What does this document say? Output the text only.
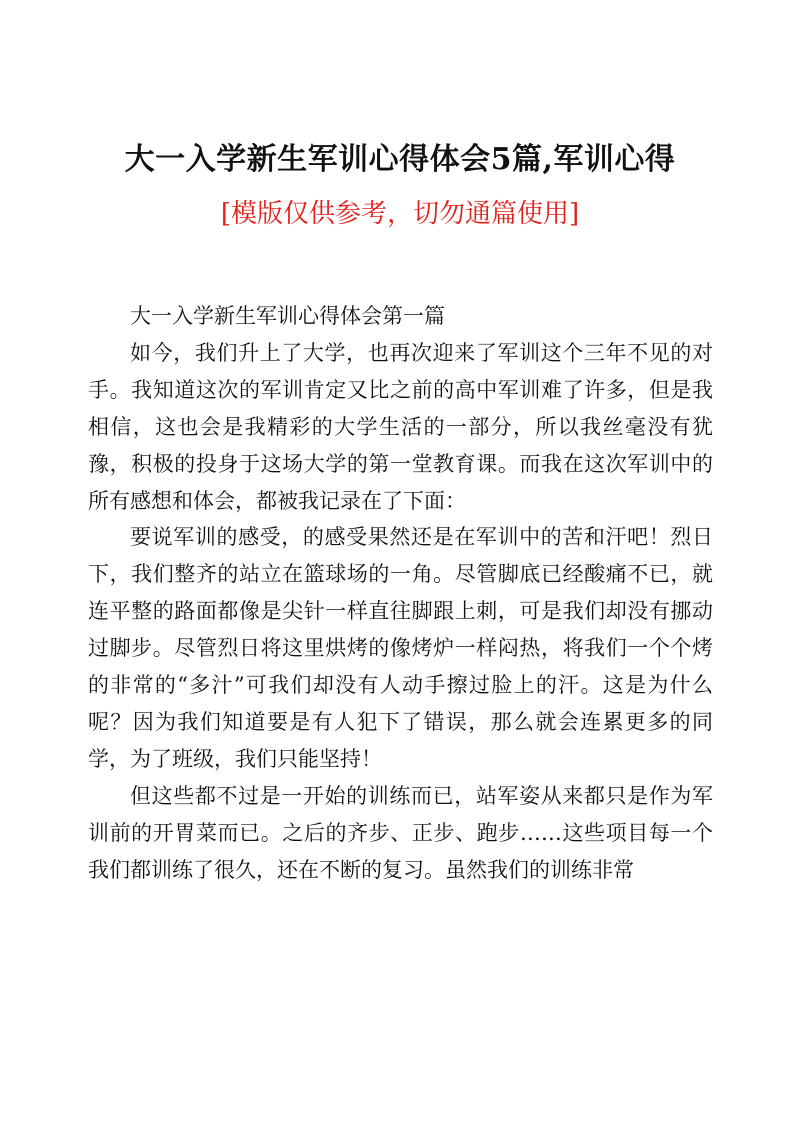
大一入学新生军训心得体会5篇,军训心得
[模版仅供参考，切勿通篇使用]

大一入学新生军训心得体会第一篇

如今，我们升上了大学，也再次迎来了军训这个三年不见的对手。我知道这次的军训肯定又比之前的高中军训难了许多，但是我相信，这也会是我精彩的大学生活的一部分，所以我丝毫没有犹豫，积极的投身于这场大学的第一堂教育课。而我在这次军训中的所有感想和体会，都被我记录在了下面：

要说军训的感受，的感受果然还是在军训中的苦和汗吧！烈日下，我们整齐的站立在篮球场的一角。尽管脚底已经酸痛不已，就连平整的路面都像是尖针一样直往脚跟上刺，可是我们却没有挪动过脚步。尽管烈日将这里烘烤的像烤炉一样闷热，将我们一个个烤的非常的“多汁”可我们却没有人动手擦过脸上的汗。这是为什么呢？因为我们知道要是有人犯下了错误，那么就会连累更多的同学，为了班级，我们只能坚持！

但这些都不过是一开始的训练而已，站军姿从来都只是作为军训前的开胃菜而已。之后的齐步、正步、跑步……这些项目每一个我们都训练了很久，还在不断的复习。虽然我们的训练非常
